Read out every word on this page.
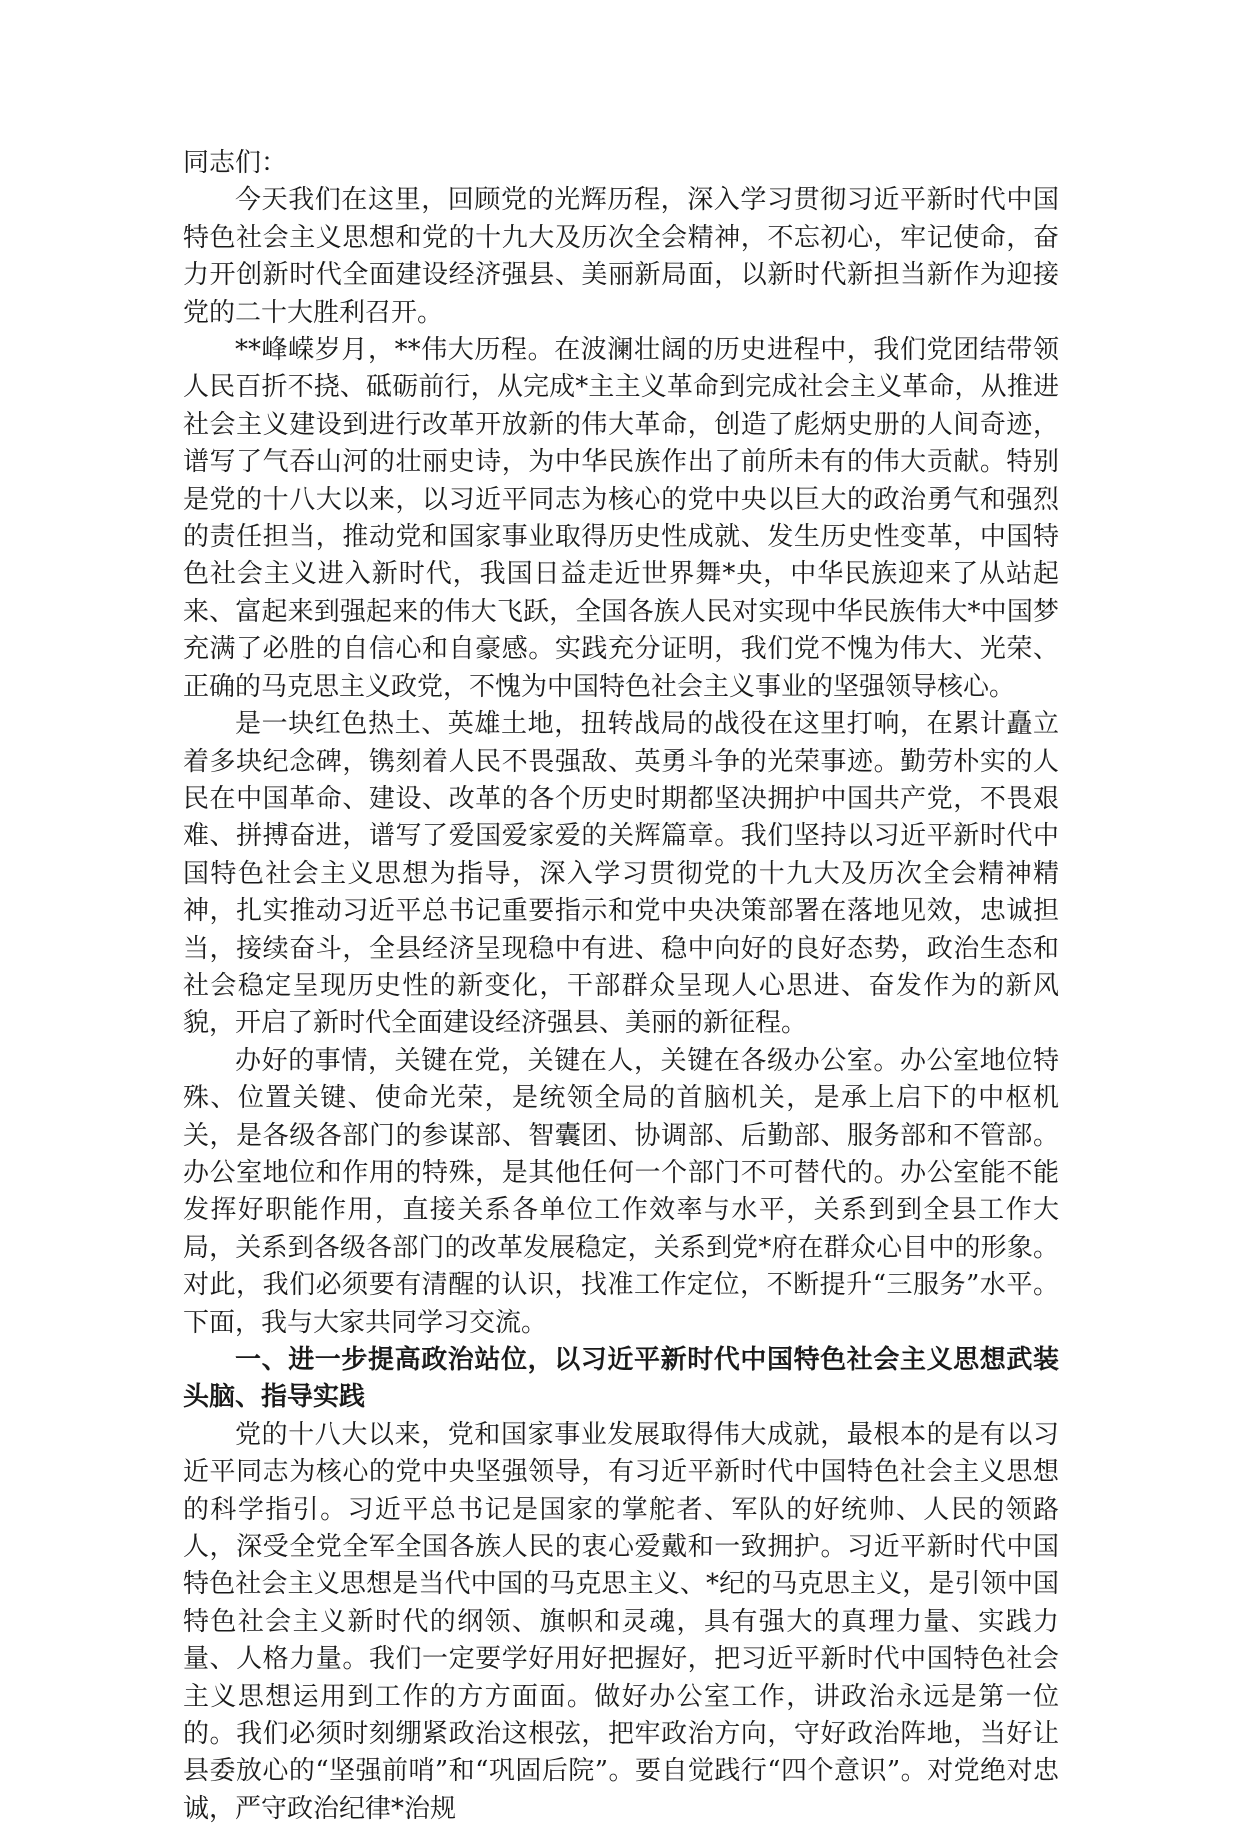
同志们：

今天我们在这里，回顾党的光辉历程，深入学习贯彻习近平新时代中国特色社会主义思想和党的十九大及历次全会精神，不忘初心，牢记使命，奋力开创新时代全面建设经济强县、美丽新局面，以新时代新担当新作为迎接党的二十大胜利召开。

**峰嵘岁月，**伟大历程。在波澜壮阔的历史进程中，我们党团结带领人民百折不挠、砥砺前行，从完成*主主义革命到完成社会主义革命，从推进社会主义建设到进行改革开放新的伟大革命，创造了彪炳史册的人间奇迹，谱写了气吞山河的壮丽史诗，为中华民族作出了前所未有的伟大贡献。特别是党的十八大以来，以习近平同志为核心的党中央以巨大的政治勇气和强烈的责任担当，推动党和国家事业取得历史性成就、发生历史性变革，中国特色社会主义进入新时代，我国日益走近世界舞*央，中华民族迎来了从站起来、富起来到强起来的伟大飞跃，全国各族人民对实现中华民族伟大*中国梦充满了必胜的自信心和自豪感。实践充分证明，我们党不愧为伟大、光荣、正确的马克思主义政党，不愧为中国特色社会主义事业的坚强领导核心。

是一块红色热土、英雄土地，扭转战局的战役在这里打响，在累计矗立着多块纪念碑，镌刻着人民不畏强敌、英勇斗争的光荣事迹。勤劳朴实的人民在中国革命、建设、改革的各个历史时期都坚决拥护中国共产党，不畏艰难、拼搏奋进，谱写了爱国爱家爱的关辉篇章。我们坚持以习近平新时代中国特色社会主义思想为指导，深入学习贯彻党的十九大及历次全会精神精神，扎实推动习近平总书记重要指示和党中央决策部署在落地见效，忠诚担当，接续奋斗，全县经济呈现稳中有进、稳中向好的良好态势，政治生态和社会稳定呈现历史性的新变化，干部群众呈现人心思进、奋发作为的新风貌，开启了新时代全面建设经济强县、美丽的新征程。

办好的事情，关键在党，关键在人，关键在各级办公室。办公室地位特殊、位置关键、使命光荣，是统领全局的首脑机关，是承上启下的中枢机关，是各级各部门的参谋部、智囊团、协调部、后勤部、服务部和不管部。办公室地位和作用的特殊，是其他任何一个部门不可替代的。办公室能不能发挥好职能作用，直接关系各单位工作效率与水平，关系到到全县工作大局，关系到各级各部门的改革发展稳定，关系到党*府在群众心目中的形象。对此，我们必须要有清醒的认识，找准工作定位，不断提升“三服务”水平。下面，我与大家共同学习交流。

一、进一步提高政治站位，以习近平新时代中国特色社会主义思想武装头脑、指导实践

党的十八大以来，党和国家事业发展取得伟大成就，最根本的是有以习近平同志为核心的党中央坚强领导，有习近平新时代中国特色社会主义思想的科学指引。习近平总书记是国家的掌舵者、军队的好统帅、人民的领路人，深受全党全军全国各族人民的衷心爱戴和一致拥护。习近平新时代中国特色社会主义思想是当代中国的马克思主义、*纪的马克思主义，是引领中国特色社会主义新时代的纲领、旗帜和灵魂，具有强大的真理力量、实践力量、人格力量。我们一定要学好用好把握好，把习近平新时代中国特色社会主义思想运用到工作的方方面面。做好办公室工作，讲政治永远是第一位的。我们必须时刻绷紧政治这根弦，把牢政治方向，守好政治阵地，当好让县委放心的“坚强前哨”和“巩固后院”。要自觉践行“四个意识”。对党绝对忠诚，严守政治纪律*治规
